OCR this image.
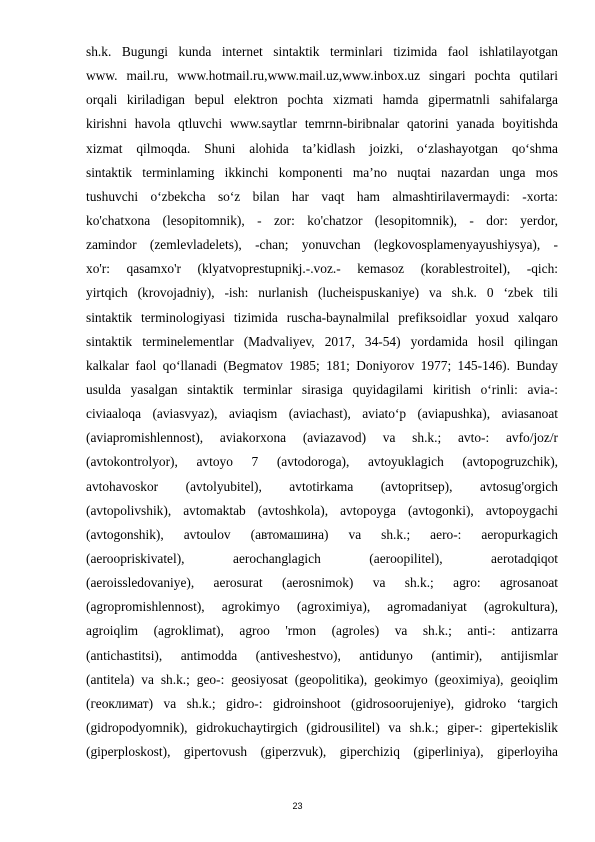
sh.k. Bugungi kunda internet sintaktik terminlari tizimida faol ishlatilayotgan
www. mail.ru, www.hotmail.ru,www.mail.uz,www.inbox.uz singari pochta qutilari
orqali kiriladigan bepul elektron pochta xizmati hamda gipermatnli sahifalarga
kirishni havola qtluvchi www.saytlar temrnn-biribnalar qatorini yanada boyitishda
xizmat qilmoqda. Shuni alohida ta’kidlash joizki, o‘zlashayotgan qo‘shma
sintaktik terminlaming ikkinchi komponenti ma’no nuqtai nazardan unga mos
tushuvchi o‘zbekcha so‘z bilan har vaqt ham almashtirilavermaydi: -xorta:
ko'chatxona (lesopitomnik), - zor: ko'chatzor (lesopitomnik), - dor: yerdor,
zamindor (zemlevladelets), -chan; yonuvchan (legkovosplamenyayushiysya), -
xo'r: qasamxo'r (klyatvoprestupnikj.-.voz.- kemasoz (korablestroitel), -qich:
yirtqich (krovojadniy), -ish: nurlanish (lucheispuskaniye) va sh.k. 0 ‘zbek tili
sintaktik terminologiyasi tizimida ruscha-baynalmilal prefiksoidlar yoxud xalqaro
sintaktik terminelementlar (Madvaliyev, 2017, 34-54) yordamida hosil qilingan
kalkalar faol qo‘llanadi (Begmatov 1985; 181; Doniyorov 1977; 145-146). Bunday
usulda yasalgan sintaktik terminlar sirasiga quyidagilami kiritish o‘rinli: avia-:
civiaaloqa (aviasvyaz), aviaqism (aviachast), aviato‘p (aviapushka), aviasanoat
(aviapromishlennost), aviakorxona (aviazavod) va sh.k.; avto-: avfo/joz/r
(avtokontrolyor), avtoyo 7 (avtodoroga), avtoyuklagich (avtopogruzchik),
avtohavoskor (avtolyubitel), avtotirkama (avtopritsep), avtosug'orgich
(avtopolivshik), avtomaktab (avtoshkola), avtopoyga (avtogonki), avtopoygachi
(avtogonshik), avtoulov (автомашина) va sh.k.; aero-: aeropurkagich
(aeroopriskivatel), aerochanglagich (aeroopilitel), aerotadqiqot
(aeroissledovaniye), aerosurat (aerosnimok) va sh.k.; agro: agrosanoat
(agropromishlennost), agrokimyo (agroximiya), agromadaniyat (agrokultura),
agroiqlim (agroklimat), agroo 'rmon (agroles) va sh.k.; anti-: antizarra
(antichastitsi), antimodda (antiveshestvo), antidunyo (antimir), antijismlar
(antitela) va sh.k.; geo-: geosiyosat (geopolitika), geokimyo (geoximiya), geoiqlim
(геоклимат) va sh.k.; gidro-: gidroinshoot (gidrosoorujeniye), gidroko ‘targich
(gidropodyomnik), gidrokuchaytirgich (gidrousilitel) va sh.k.; giper-: gipertekislik
(giperploskost), gipertovush (giperzvuk), giperchiziq (giperliniya), giperloyiha
23
